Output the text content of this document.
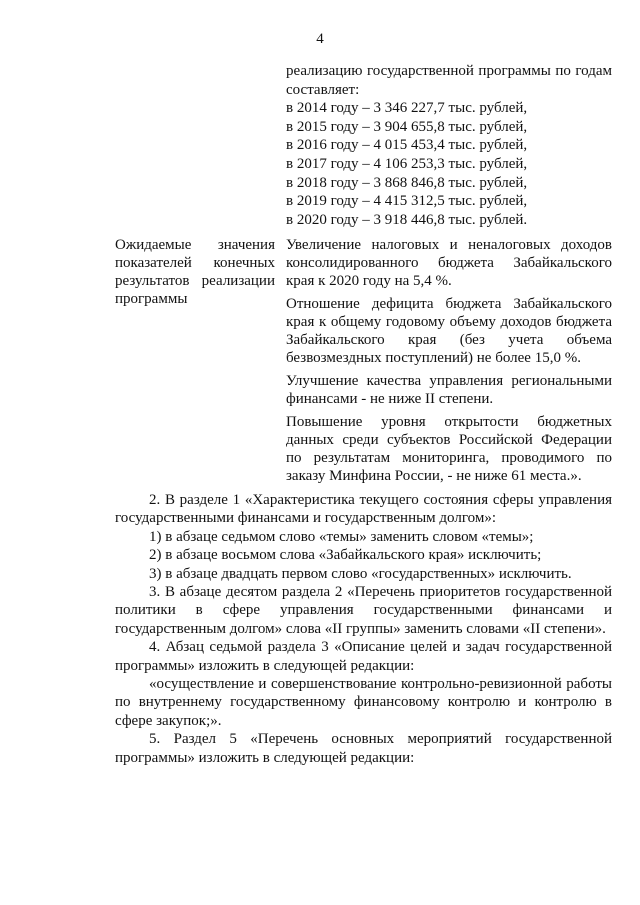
4
реализацию государственной программы по годам составляет:
в 2014 году – 3 346 227,7 тыс. рублей,
в 2015 году – 3 904 655,8 тыс. рублей,
в 2016 году – 4 015 453,4 тыс. рублей,
в 2017 году – 4 106 253,3 тыс. рублей,
в 2018 году – 3 868 846,8 тыс. рублей,
в 2019 году – 4 415 312,5 тыс. рублей,
в 2020 году – 3 918 446,8 тыс. рублей.
Ожидаемые значения
показателей конечных
результатов реализации
программы

Увеличение налоговых и неналоговых доходов консолидированного бюджета Забайкальского края к 2020 году на 5,4 %.

Отношение дефицита бюджета Забайкальского края к общему годовому объему доходов бюджета Забайкальского края (без учета объема безвозмездных поступлений) не более 15,0 %.

Улучшение качества управления региональными финансами - не ниже II степени.

Повышение уровня открытости бюджетных данных среди субъектов Российской Федерации по результатам мониторинга, проводимого по заказу Минфина России, - не ниже 61 места.».

2. В разделе 1 «Характеристика текущего состояния сферы управления государственными финансами и государственным долгом»:

1) в абзаце седьмом слово «темы» заменить словом «темы»;

2) в абзаце восьмом слова «Забайкальского края» исключить;

3) в абзаце двадцать первом слово «государственных» исключить.

3. В абзаце десятом раздела 2 «Перечень приоритетов государственной политики в сфере управления государственными финансами и государственным долгом» слова «II группы» заменить словами «II степени».

4. Абзац седьмой раздела 3 «Описание целей и задач государственной программы» изложить в следующей редакции:

«осуществление и совершенствование контрольно-ревизионной работы по внутреннему государственному финансовому контролю и контролю в сфере закупок;».

5. Раздел 5 «Перечень основных мероприятий государственной программы» изложить в следующей редакции:
